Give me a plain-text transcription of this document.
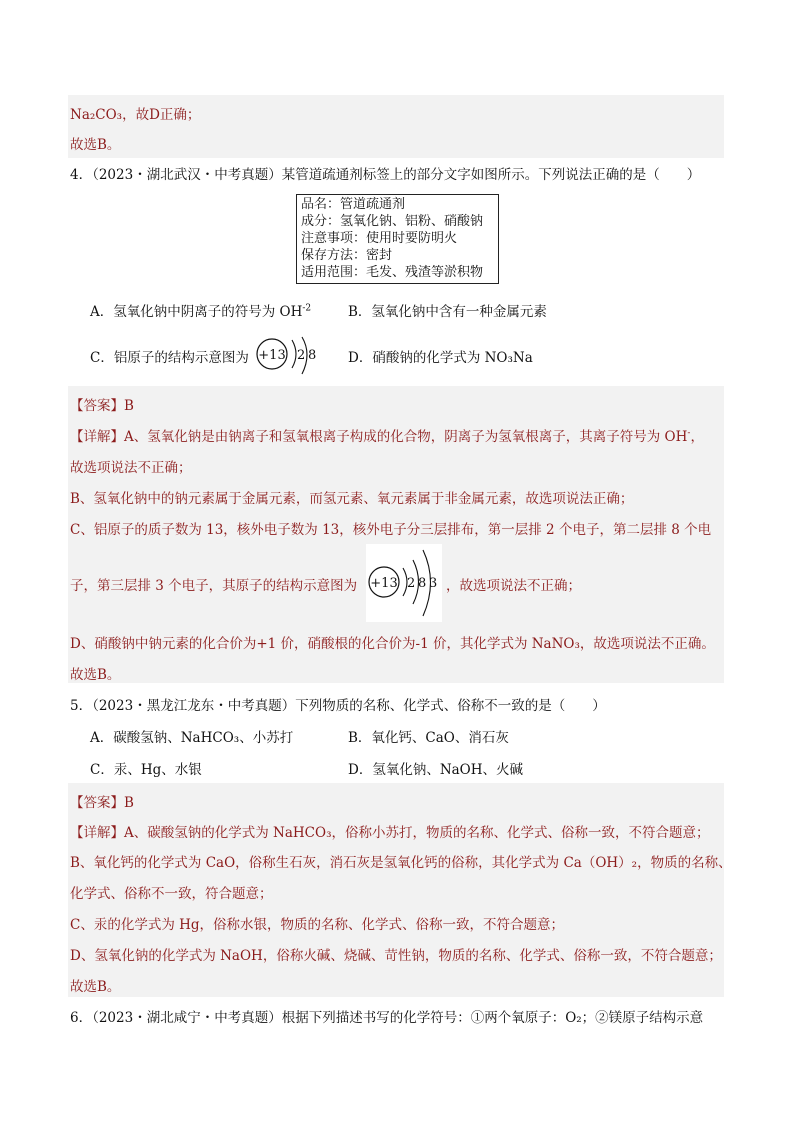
Na₂CO₃，故D正确；
故选B。
4．（2023・湖北武汉・中考真题）某管道疏通剂标签上的部分文字如图所示。下列说法正确的是（　　）
品名：管道疏通剂
成分：氢氧化钠、铝粉、硝酸钠
注意事项：使用时要防明火
保存方法：密封
适用范围：毛发、残渣等淤积物
A．氢氧化钠中阴离子的符号为 $OH^{-2}$	B．氢氧化钠中含有一种金属元素
C．铝原子的结构示意图为 +13 2 8 D．硝酸钠的化学式为 NO₃Na
【答案】B
【详解】A、氢氧化钠是由钠离子和氢氧根离子构成的化合物，阴离子为氢氧根离子，其离子符号为 OH-，
故选项说法不正确；
B、氢氧化钠中的钠元素属于金属元素，而氢元素、氧元素属于非金属元素，故选项说法正确；
C、铝原子的质子数为 13，核外电子数为 13，核外电子分三层排布，第一层排 2 个电子，第二层排 8 个电
子，第三层排 3 个电子，其原子的结构示意图为 +13 2 8 3 ，故选项说法不正确；
D、硝酸钠中钠元素的化合价为+1 价，硝酸根的化合价为-1 价，其化学式为 NaNO₃，故选项说法不正确。
故选B。
5．（2023・黑龙江龙东・中考真题）下列物质的名称、化学式、俗称不一致的是（　　）
A．碳酸氢钠、NaHCO₃、小苏打	B．氧化钙、CaO、消石灰
C．汞、Hg、水银	D．氢氧化钠、NaOH、火碱
【答案】B
【详解】A、碳酸氢钠的化学式为 NaHCO₃，俗称小苏打，物质的名称、化学式、俗称一致，不符合题意；
B、氧化钙的化学式为 CaO，俗称生石灰，消石灰是氢氧化钙的俗称，其化学式为 Ca（OH）₂，物质的名称、
化学式、俗称不一致，符合题意；
C、汞的化学式为 Hg，俗称水银，物质的名称、化学式、俗称一致，不符合题意；
D、氢氧化钠的化学式为 NaOH，俗称火碱、烧碱、苛性钠，物质的名称、化学式、俗称一致，不符合题意；
故选B。
6．（2023・湖北咸宁・中考真题）根据下列描述书写的化学符号：①两个氧原子：O₂；②镁原子结构示意
